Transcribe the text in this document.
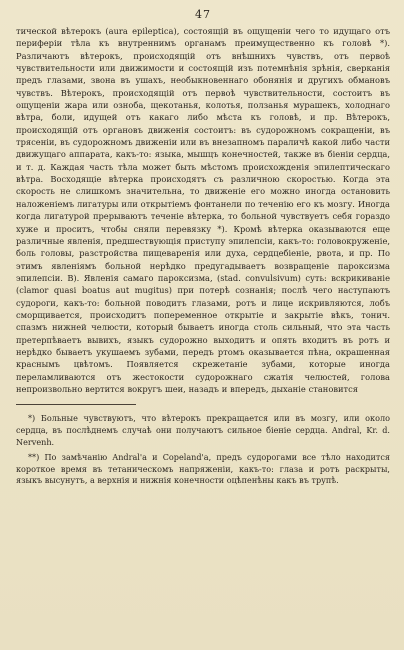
47

тической вѣтерокъ (aura epileptica), состоящій въ ощущеніи чего то идущаго отъ периферіи тѣла къ внутреннимъ органамъ преимущественно къ головѣ *). Различаютъ вѣтерокъ, происходящій отъ внѣшнихъ чувствъ, отъ первоѣ чувствительности или движимости и состоящій изъ потемнѣнія зрѣнія, сверканія предъ глазами, звона въ ушахъ, необыкновеннаго обонянія и другихъ обмановъ чувствъ. Вѣтерокъ, происходящій отъ первоѣ чувствительности, состоитъ въ ощущеніи жара или озноба, щекотанья, колотья, ползанья мурашекъ, холоднаго вѣтра, боли, идущей отъ какаго либо мѣста къ головѣ, и пр. Вѣтерокъ, происходящій отъ органовъ движенія состоитъ: въ судорожномъ сокращеніи, въ трясеніи, въ судорожномъ движеніи или въ внезапномъ параличѣ какой либо части движущаго аппарата, какъ-то: языка, мышцъ конечностей, также въ біеніи сердца, и т. д. Каждая часть тѣла может быть мѣстомъ происхожденія эпилептическаго вѣтра. Восходящіе вѣтерка происходятъ съ различною скоростью. Когда эта скорость не слишкомъ значительна, то движеніе его можно иногда остановить наложеніемъ лигатуры или открытіемъ фонтанели по теченію его къ мозгу. Иногда когда лигатурой прерываютъ теченіе вѣтерка, то больной чувствуетъ себя гораздо хуже и проситъ, чтобы сняли перевязку *). Кромѣ вѣтерка оказываются еще различные явленія, предшествующія приступу эпилепсіи, какъ-то: головокруженіе, боль головы, разстройства пищеваренія или духа, сердцебіеніе, рвота, и пр. По этимъ явленіямъ больной нерѣдко предугадываетъ возвращеніе пароксизма эпилепсіи. В). Явленія самаго пароксизма, (stad. convulsivum) суть: вскрикиваніе (clamor quasi boatus aut mugitus) при потерѣ сознанія; послѣ чего наступаютъ судороги, какъ-то: больной поводитъ глазами, ротъ и лице искривляются, лобъ сморщивается, происходитъ попеременное открытіе и закрытіе вѣкъ, тонич. спазмъ нижней челюсти, который бываетъ иногда столь сильный, что эта часть претерпѣваетъ вывихъ, языкъ судорожно выходитъ и опять входитъ въ ротъ и нерѣдко бываетъ укушаемъ зубами, передъ ртомъ оказывается пѣна, окрашенная краснымъ цвѣтомъ. Появляется скрежетаніе зубами, которые иногда переламливаются отъ жестокости судорожнаго сжатія челюстей, голова непроизвольно вертится вокругъ шеи, назадъ и впередъ, дыханіе становится

*) Больные чувствуютъ, что вѣтерокъ прекращается или въ мозгу, или около сердца, въ послѣднемъ случаѣ они получаютъ сильное біеніе сердца. Andral, Kr. d. Nervenh.

**) По замѣчанію Andral'а и Copeland'а, предъ судорогами все тѣло находится короткое время въ тетаническомъ напряженіи, какъ-то: глаза и ротъ раскрыты, языкъ высунутъ, а верхнія и нижнія конечности оцѣпенѣны какъ въ трупѣ.
